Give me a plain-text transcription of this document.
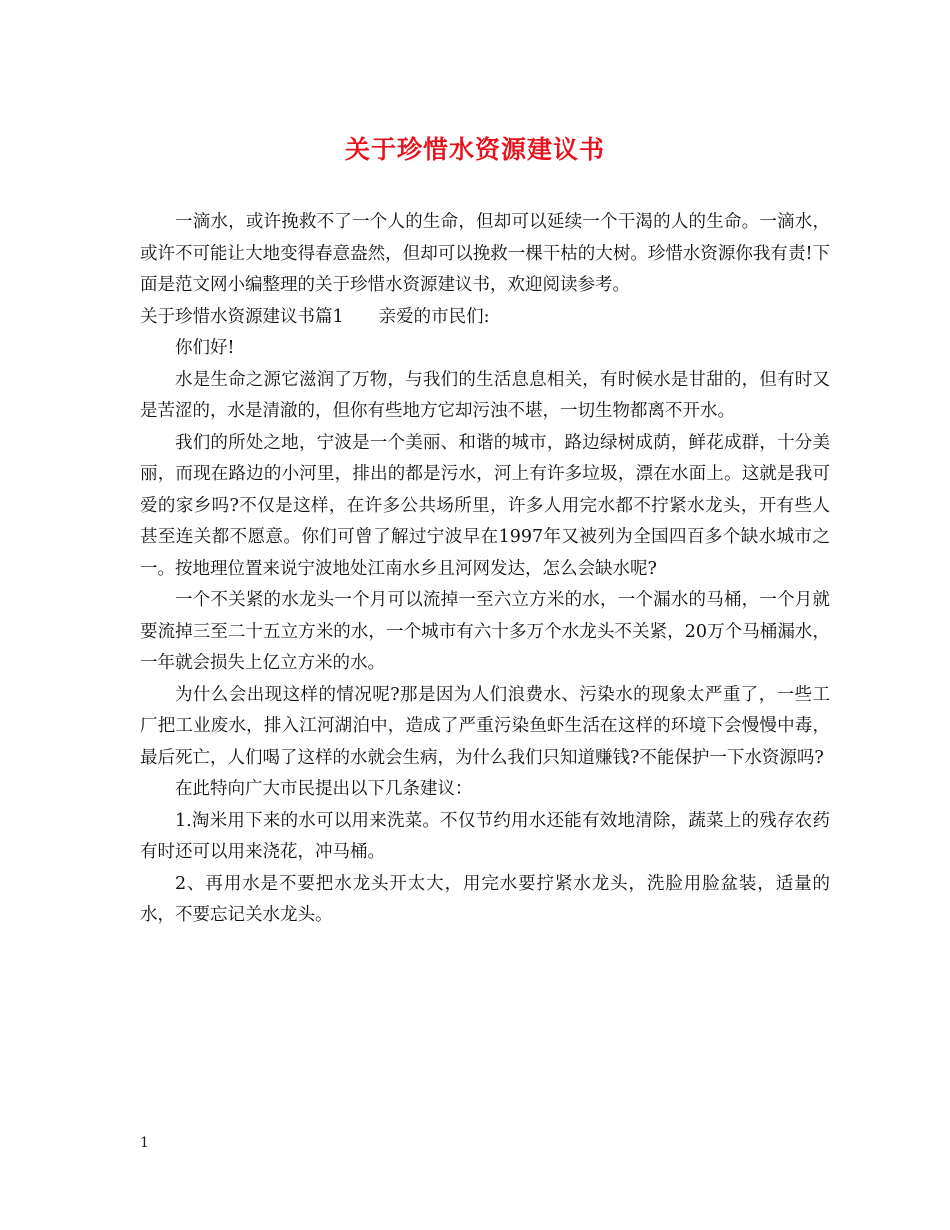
关于珍惜水资源建议书

一滴水，或许挽救不了一个人的生命，但却可以延续一个干渴的人的生命。一滴水，或许不可能让大地变得春意盎然，但却可以挽救一棵干枯的大树。珍惜水资源你我有责!下面是范文网小编整理的关于珍惜水资源建议书，欢迎阅读参考。

关于珍惜水资源建议书篇1　　亲爱的市民们:

你们好!

水是生命之源它滋润了万物，与我们的生活息息相关，有时候水是甘甜的，但有时又是苦涩的，水是清澈的，但你有些地方它却污浊不堪，一切生物都离不开水。

我们的所处之地，宁波是一个美丽、和谐的城市，路边绿树成荫，鲜花成群，十分美丽，而现在路边的小河里，排出的都是污水，河上有许多垃圾，漂在水面上。这就是我可爱的家乡吗?不仅是这样，在许多公共场所里，许多人用完水都不拧紧水龙头，开有些人甚至连关都不愿意。你们可曾了解过宁波早在1997年又被列为全国四百多个缺水城市之一。按地理位置来说宁波地处江南水乡且河网发达，怎么会缺水呢?

一个不关紧的水龙头一个月可以流掉一至六立方米的水，一个漏水的马桶，一个月就要流掉三至二十五立方米的水，一个城市有六十多万个水龙头不关紧，20万个马桶漏水，一年就会损失上亿立方米的水。

为什么会出现这样的情况呢?那是因为人们浪费水、污染水的现象太严重了，一些工厂把工业废水，排入江河湖泊中，造成了严重污染鱼虾生活在这样的环境下会慢慢中毒，最后死亡，人们喝了这样的水就会生病，为什么我们只知道赚钱?不能保护一下水资源吗?

在此特向广大市民提出以下几条建议：

1.淘米用下来的水可以用来洗菜。不仅节约用水还能有效地清除，蔬菜上的残存农药有时还可以用来浇花，冲马桶。

2、再用水是不要把水龙头开太大，用完水要拧紧水龙头，洗脸用脸盆装，适量的水，不要忘记关水龙头。

1
